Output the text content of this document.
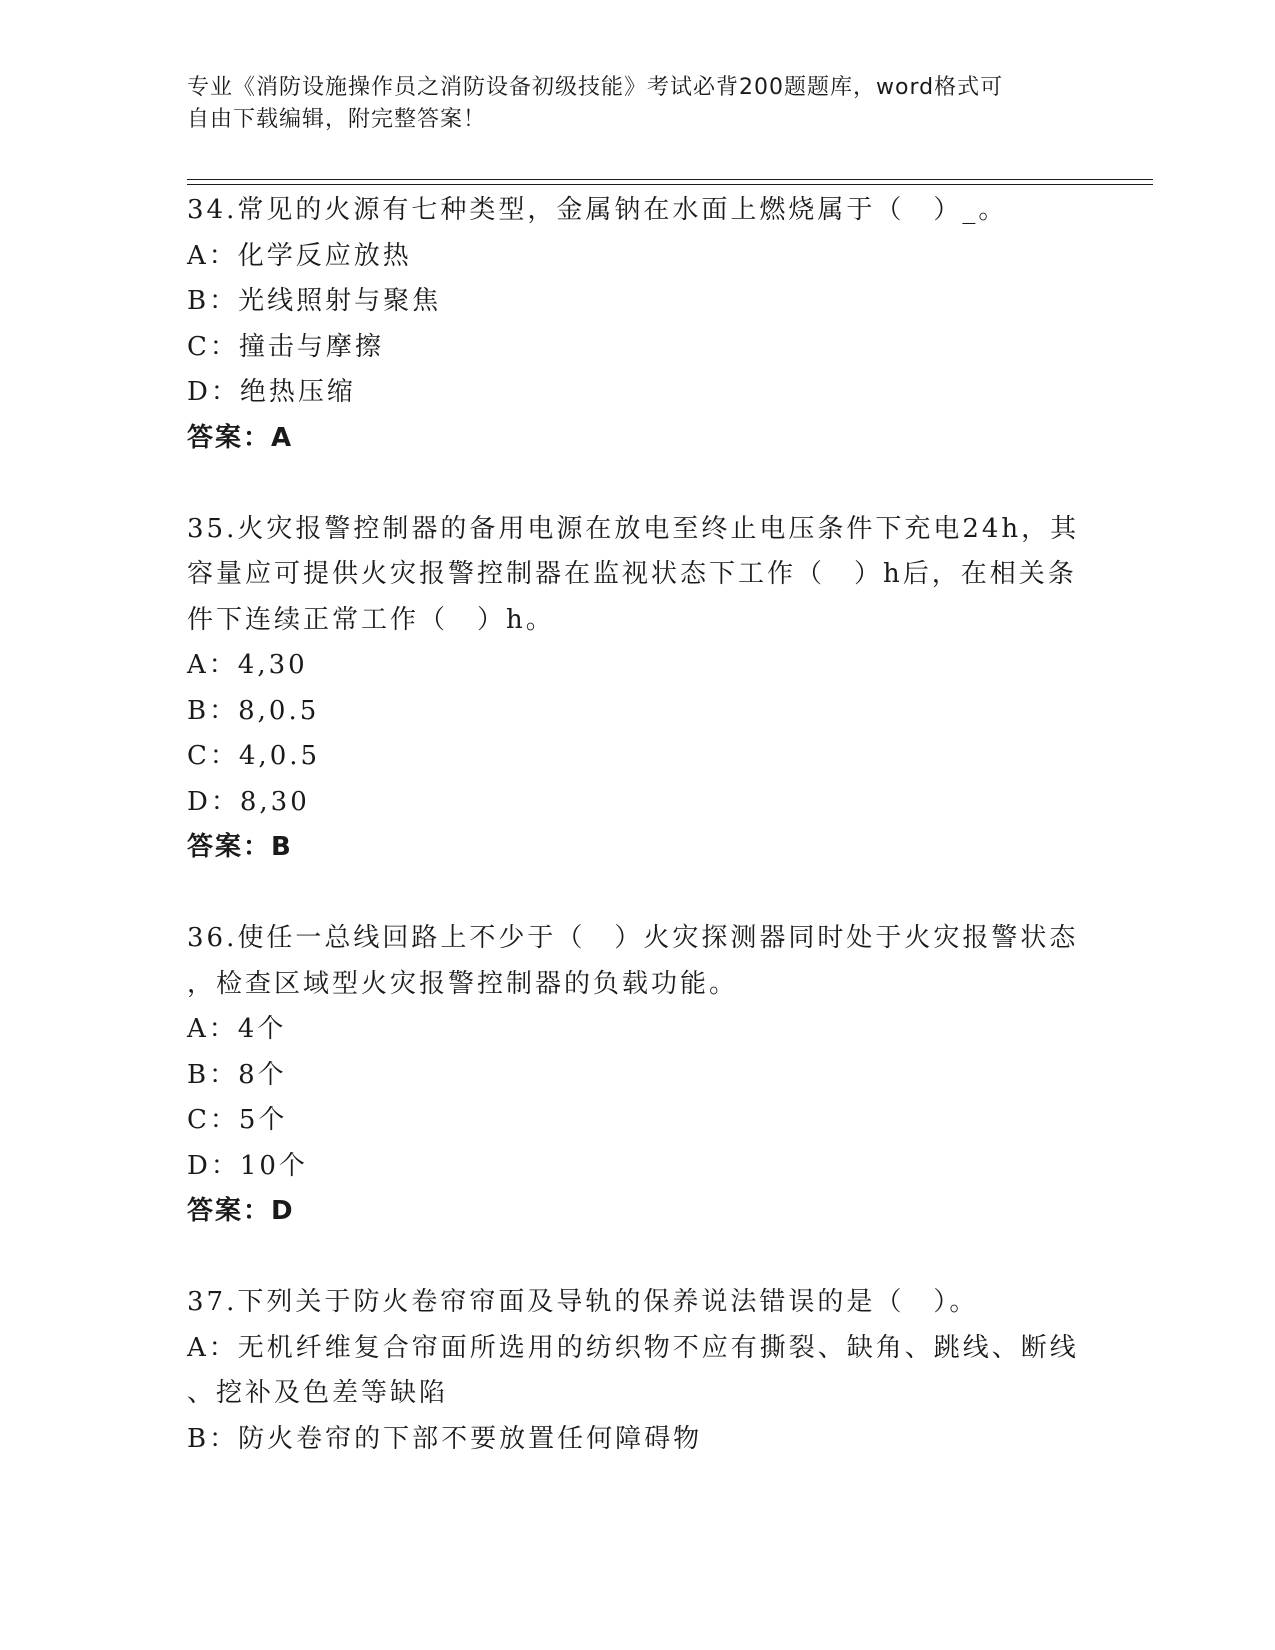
专业《消防设施操作员之消防设备初级技能》考试必背200题题库，word格式可
自由下载编辑，附完整答案！
34.常见的火源有七种类型，金属钠在水面上燃烧属于（　）_。
A：化学反应放热
B：光线照射与聚焦
C：撞击与摩擦
D：绝热压缩
答案：A
35.火灾报警控制器的备用电源在放电至终止电压条件下充电24h，其
容量应可提供火灾报警控制器在监视状态下工作（　）h后，在相关条
件下连续正常工作（　）h。
A：4,30
B：8,0.5
C：4,0.5
D：8,30
答案：B
36.使任一总线回路上不少于（　）火灾探测器同时处于火灾报警状态
，检查区域型火灾报警控制器的负载功能。
A：4个
B：8个
C：5个
D：10个
答案：D
37.下列关于防火卷帘帘面及导轨的保养说法错误的是（　）。
A：无机纤维复合帘面所选用的纺织物不应有撕裂、缺角、跳线、断线
、挖补及色差等缺陷
B：防火卷帘的下部不要放置任何障碍物
